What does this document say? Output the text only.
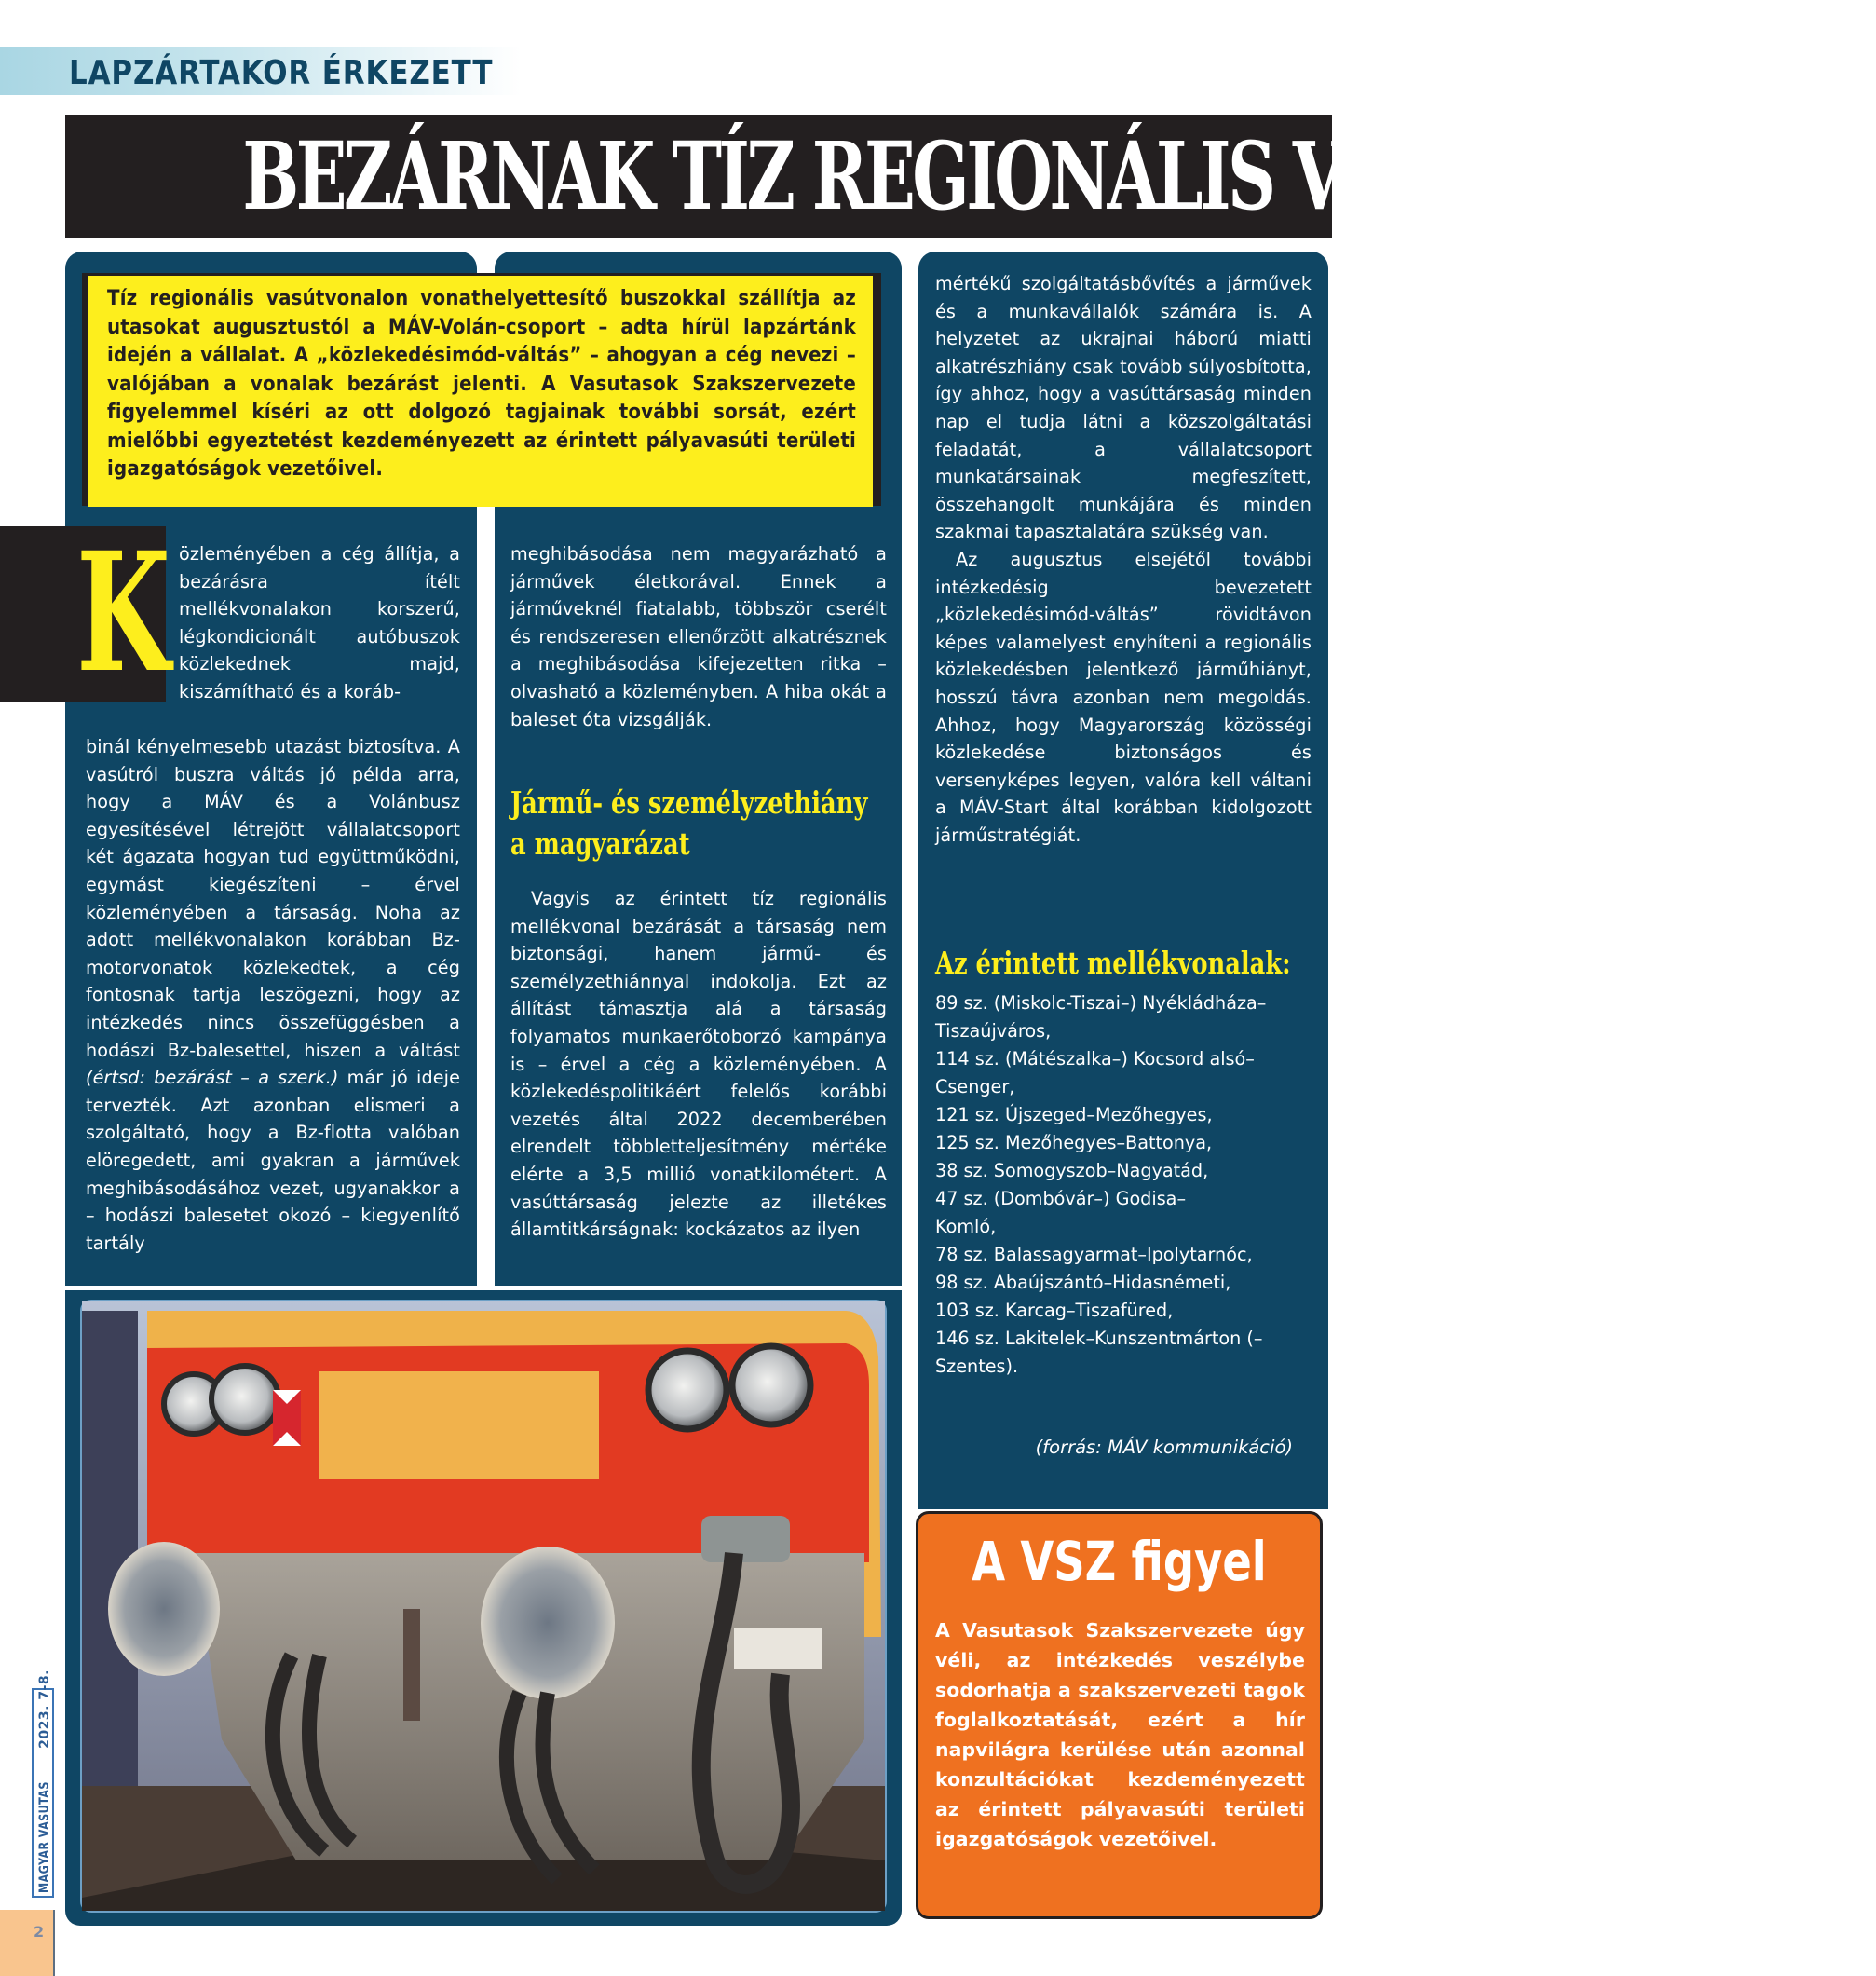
LAPZÁRTAKOR ÉRKEZETT
BEZÁRNAK TÍZ REGIONÁLIS VASÚTVONALAT
Tíz regionális vasútvonalon vonathelyettesítő buszokkal szállítja az utasokat augusztustól a MÁV-Volán-csoport – adta hírül lapzártánk idején a vállalat. A „közlekedésimód-váltás” – ahogyan a cég nevezi – valójában a vonalak bezárást jelenti. A Vasutasok Szakszervezete figyelemmel kíséri az ott dolgozó tagjainak további sorsát, ezért mielőbbi egyeztetést kezdeményezett az érintett pályavasúti területi igazgatóságok vezetőivel.
K özleményében a cég állítja, a bezárásra ítélt mellékvonalakon korszerű, légkondicionált autóbuszok közlekednek majd, kiszámítható és a koráb-

binál kényelmesebb utazást biztosítva. A vasútról buszra váltás jó példa arra, hogy a MÁV és a Volánbusz egyesítésével létrejött vállalatcsoport két ágazata hogyan tud együttműködni, egymást kiegészíteni – érvel közleményében a társaság. Noha az adott mellékvonalakon korábban Bz-motorvonatok közlekedtek, a cég fontosnak tartja leszögezni, hogy az intézkedés nincs összefüggésben a hodászi Bz-balesettel, hiszen a váltást (értsd: bezárást – a szerk.) már jó ideje tervezték. Azt azonban elismeri a szolgáltató, hogy a Bz-flotta valóban elöregedett, ami gyakran a járművek meghibásodásához vezet, ugyanakkor a – hodászi balesetet okozó – kiegyenlítő tartály

meghibásodása nem magyarázható a járművek életkorával. Ennek a járműveknél fiatalabb, többször cserélt és rendszeresen ellenőrzött alkatrésznek a meghibásodása kifejezetten ritka – olvasható a közleményben. A hiba okát a baleset óta vizsgálják.

Jármű- és személyzethiány a magyarázat

Vagyis az érintett tíz regionális mellékvonal bezárását a társaság nem biztonsági, hanem jármű- és személyzethiánnyal indokolja. Ezt az állítást támasztja alá a társaság folyamatos munkaerőtoborzó kampánya is – érvel a cég a közleményében. A közlekedéspolitikáért felelős korábbi vezetés által 2022 decemberében elrendelt többletteljesítmény mértéke elérte a 3,5 millió vonatkilométert. A vasúttársaság jelezte az illetékes államtitkárságnak: kockázatos az ilyen

mértékű szolgáltatásbővítés a járművek és a munkavállalók számára is. A helyzetet az ukrajnai háború miatti alkatrészhiány csak tovább súlyosbította, így ahhoz, hogy a vasúttársaság minden nap el tudja látni a közszolgáltatási feladatát, a vállalatcsoport munkatársainak megfeszített, összehangolt munkájára és minden szakmai tapasztalatára szükség van.

Az augusztus elsejétől további intézkedésig bevezetett „közlekedésimód-váltás” rövidtávon képes valamelyest enyhíteni a regionális közlekedésben jelentkező járműhiányt, hosszú távra azonban nem megoldás. Ahhoz, hogy Magyarország közösségi közlekedése biztonságos és versenyképes legyen, valóra kell váltani a MÁV-Start által korábban kidolgozott járműstratégiát.

Az érintett mellékvonalak:
89 sz. (Miskolc-Tiszai–) Nyékládháza–Tiszaújváros,
114 sz. (Mátészalka–) Kocsord alsó–Csenger,
121 sz. Újszeged–Mezőhegyes,
125 sz. Mezőhegyes–Battonya,
38 sz. Somogyszob–Nagyatád,
47 sz. (Dombóvár–) Godisa–Komló,
78 sz. Balassagyarmat–Ipolytarnóc,
98 sz. Abaújszántó–Hidasnémeti,
103 sz. Karcag–Tiszafüred,
146 sz. Lakitelek–Kunszentmárton (–Szentes).
(forrás: MÁV kommunikáció)
A VSZ figyel
A Vasutasok Szakszervezete úgy véli, az intézkedés veszélybe sodorhatja a szakszervezeti tagok foglalkoztatását, ezért a hír napvilágra kerülése után azonnal konzultációkat kezdeményezett az érintett pályavasúti területi igazgatóságok vezetőivel.
MAGYAR VASUTAS 2023. 7-8.
2
